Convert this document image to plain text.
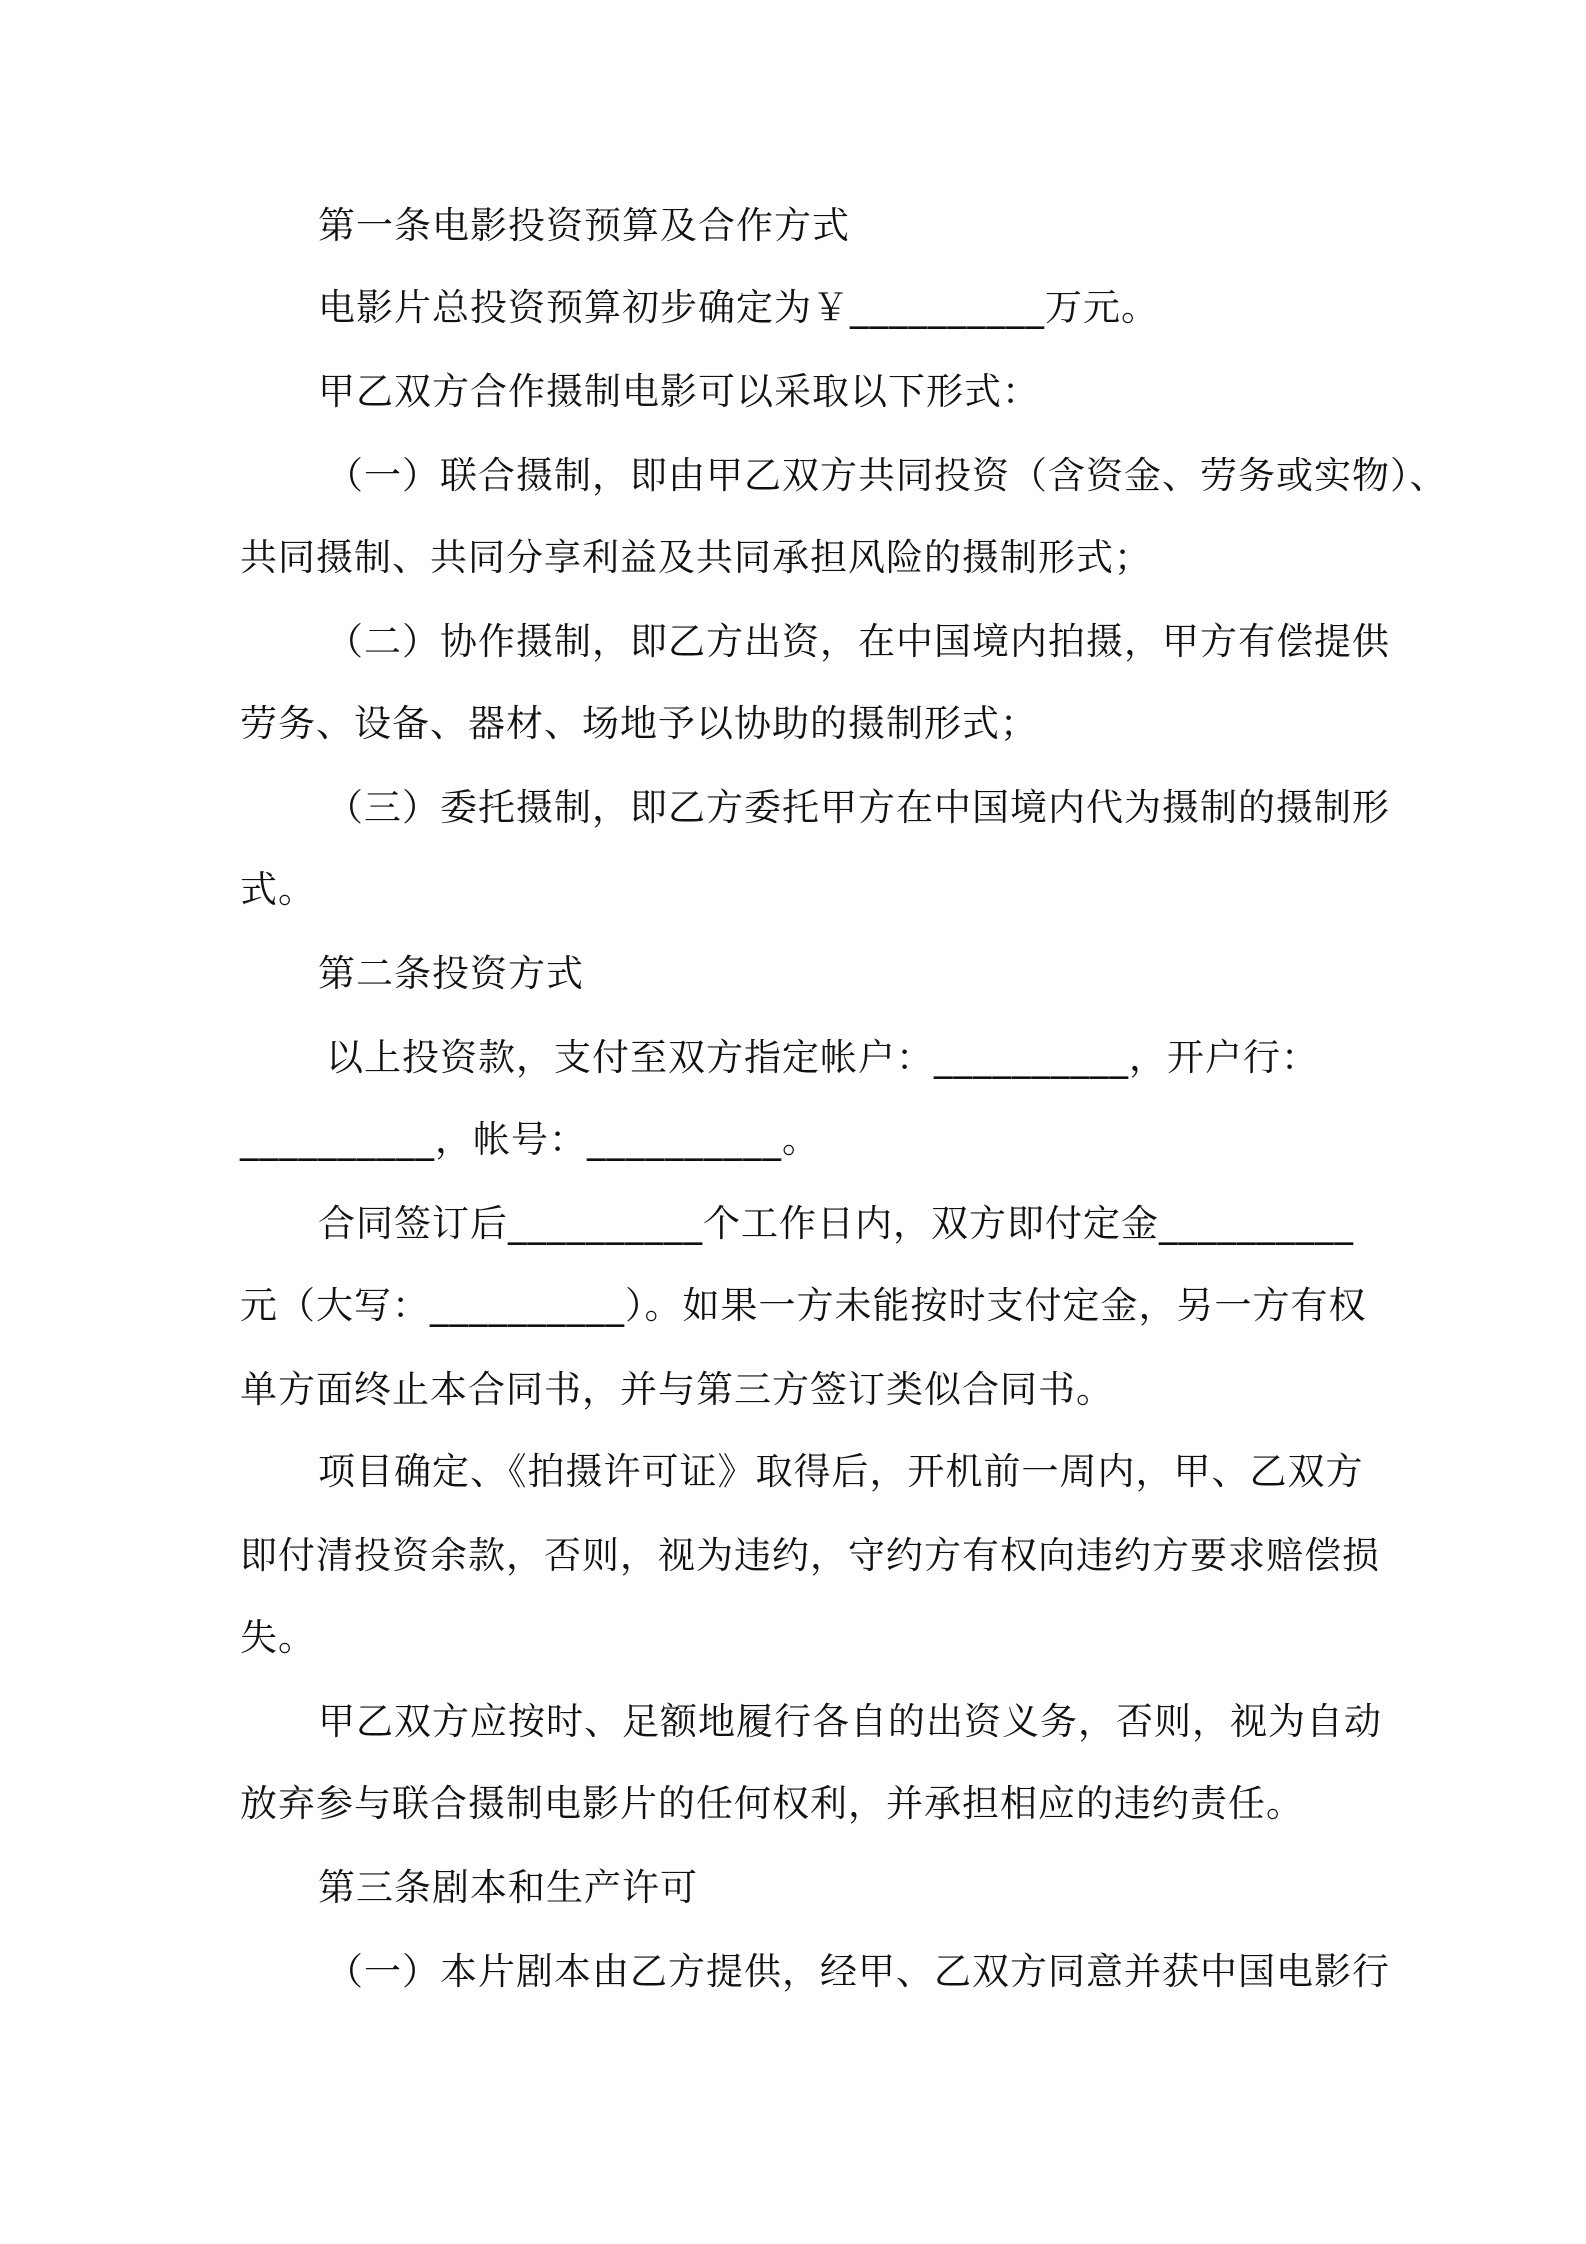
第一条电影投资预算及合作方式
电影片总投资预算初步确定为￥__________万元。
甲乙双方合作摄制电影可以采取以下形式：
（一）联合摄制，即由甲乙双方共同投资（含资金、劳务或实物）、
共同摄制、共同分享利益及共同承担风险的摄制形式；
（二）协作摄制，即乙方出资，在中国境内拍摄，甲方有偿提供
劳务、设备、器材、场地予以协助的摄制形式；
（三）委托摄制，即乙方委托甲方在中国境内代为摄制的摄制形
式。
第二条投资方式
以上投资款，支付至双方指定帐户：__________，开户行：
__________，帐号：__________。
合同签订后__________个工作日内，双方即付定金__________
元（大写：__________）。如果一方未能按时支付定金，另一方有权
单方面终止本合同书，并与第三方签订类似合同书。
项目确定、《拍摄许可证》取得后，开机前一周内，甲、乙双方
即付清投资余款，否则，视为违约，守约方有权向违约方要求赔偿损
失。
甲乙双方应按时、足额地履行各自的出资义务，否则，视为自动
放弃参与联合摄制电影片的任何权利，并承担相应的违约责任。
第三条剧本和生产许可
（一）本片剧本由乙方提供，经甲、乙双方同意并获中国电影行
